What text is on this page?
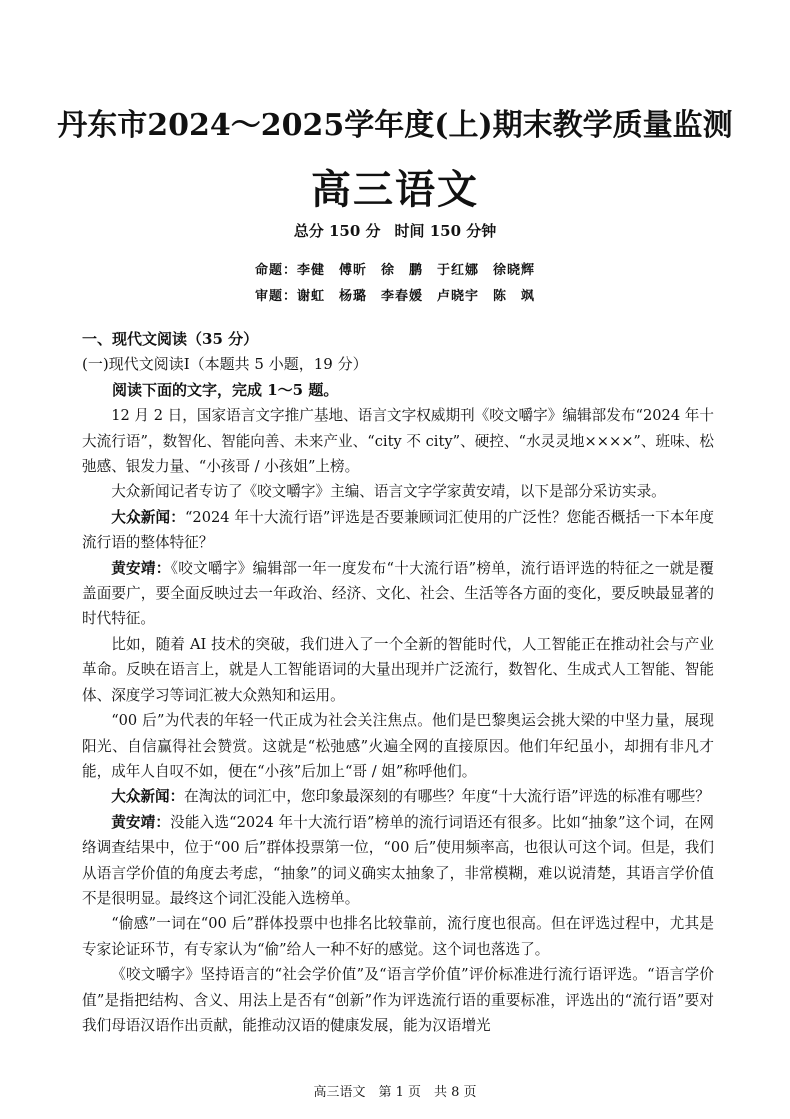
丹东市2024～2025学年度(上)期末教学质量监测
高三语文
总分 150 分 时间 150 分钟
命题：李健　傅昕　徐　鹏　于红娜　徐晓辉
审题：谢虹　杨璐　李春媛　卢晓宇　陈　飒
一、现代文阅读（35 分）
(一)现代文阅读Ⅰ（本题共 5 小题，19 分）
阅读下面的文字，完成 1～5 题。

12 月 2 日，国家语言文字推广基地、语言文字权威期刊《咬文嚼字》编辑部发布“2024 年十大流行语”，数智化、智能向善、未来产业、“city 不 city”、硬控、“水灵灵地××××”、班味、松弛感、银发力量、“小孩哥 / 小孩姐”上榜。

大众新闻记者专访了《咬文嚼字》主编、语言文字学家黄安靖，以下是部分采访实录。

大众新闻：“2024 年十大流行语”评选是否要兼顾词汇使用的广泛性？您能否概括一下本年度流行语的整体特征？

黄安靖：《咬文嚼字》编辑部一年一度发布“十大流行语”榜单，流行语评选的特征之一就是覆盖面要广，要全面反映过去一年政治、经济、文化、社会、生活等各方面的变化，要反映最显著的时代特征。

比如，随着 AI 技术的突破，我们进入了一个全新的智能时代，人工智能正在推动社会与产业革命。反映在语言上，就是人工智能语词的大量出现并广泛流行，数智化、生成式人工智能、智能体、深度学习等词汇被大众熟知和运用。

“00 后”为代表的年轻一代正成为社会关注焦点。他们是巴黎奥运会挑大梁的中坚力量，展现阳光、自信赢得社会赞赏。这就是“松弛感”火遍全网的直接原因。他们年纪虽小，却拥有非凡才能，成年人自叹不如，便在“小孩”后加上“哥 / 姐”称呼他们。

大众新闻：在淘汰的词汇中，您印象最深刻的有哪些？年度“十大流行语”评选的标准有哪些？

黄安靖：没能入选“2024 年十大流行语”榜单的流行词语还有很多。比如“抽象”这个词，在网络调查结果中，位于“00 后”群体投票第一位，“00 后”使用频率高，也很认可这个词。但是，我们从语言学价值的角度去考虑，“抽象”的词义确实太抽象了，非常模糊，难以说清楚，其语言学价值不是很明显。最终这个词汇没能入选榜单。

“偷感”一词在“00 后”群体投票中也排名比较靠前，流行度也很高。但在评选过程中，尤其是专家论证环节，有专家认为“偷”给人一种不好的感觉。这个词也落选了。

《咬文嚼字》坚持语言的“社会学价值”及“语言学价值”评价标准进行流行语评选。“语言学价值”是指把结构、含义、用法上是否有“创新”作为评选流行语的重要标准，评选出的“流行语”要对我们母语汉语作出贡献，能推动汉语的健康发展，能为汉语增光

高三语文　第 1 页　共 8 页
